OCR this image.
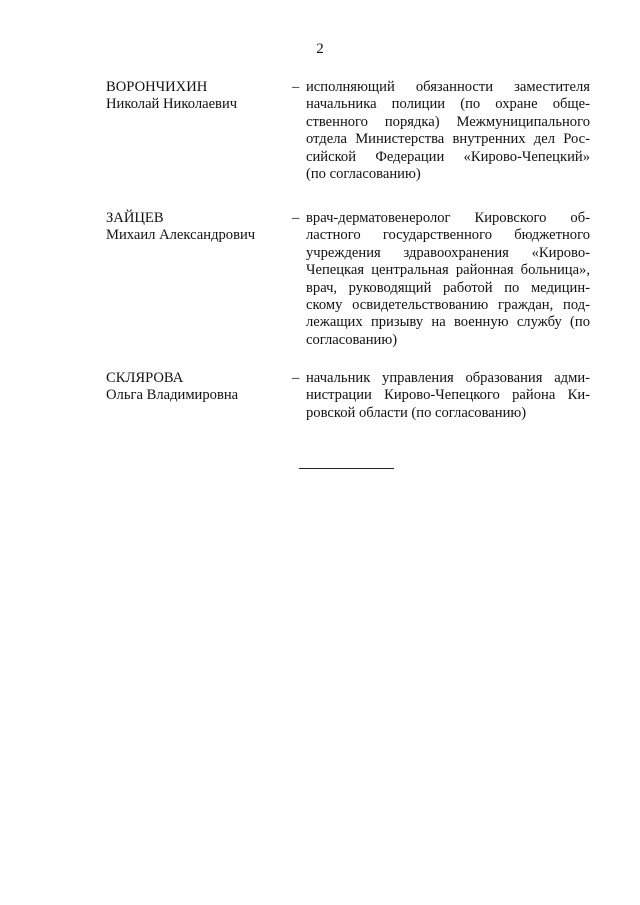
2
ВОРОНЧИХИН
Николай Николаевич
– исполняющий обязанности заместителя
начальника полиции (по охране обще-
ственного порядка) Межмуниципального
отдела Министерства внутренних дел Рос-
сийской Федерации «Кирово-Чепецкий»
(по согласованию)
ЗАЙЦЕВ
Михаил Александрович
– врач-дерматовенеролог Кировского об-
ластного государственного бюджетного
учреждения здравоохранения «Кирово-
Чепецкая центральная районная больница»,
врач, руководящий работой по медицин-
скому освидетельствованию граждан, под-
лежащих призыву на военную службу (по
согласованию)
СКЛЯРОВА
Ольга Владимировна
– начальник управления образования адми-
нистрации Кирово-Чепецкого района Ки-
ровской области (по согласованию)
